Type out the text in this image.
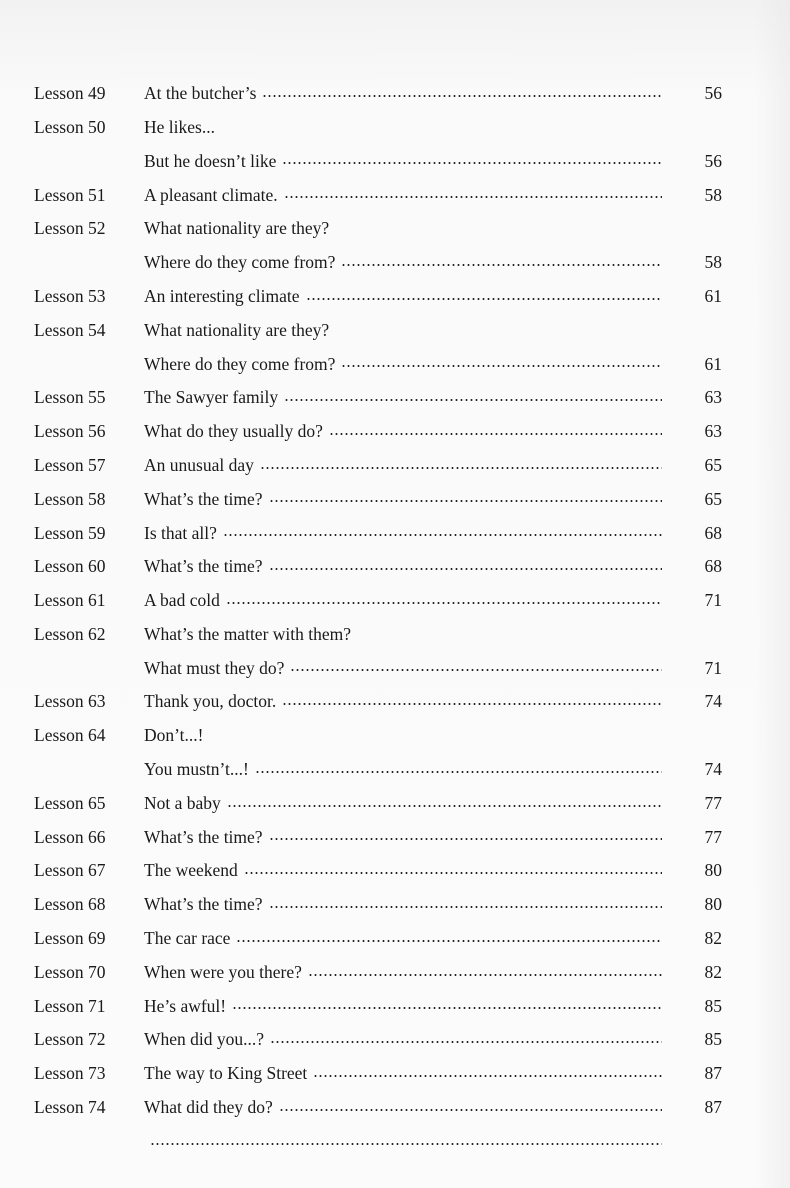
Lesson 49	At the butcher’s	56
Lesson 50	He likes...
But he doesn’t like	56
Lesson 51	A pleasant climate.	58
Lesson 52	What nationality are they?
Where do they come from?	58
Lesson 53	An interesting climate	61
Lesson 54	What nationality are they?
Where do they come from?	61
Lesson 55	The Sawyer family	63
Lesson 56	What do they usually do?	63
Lesson 57	An unusual day	65
Lesson 58	What’s the time?	65
Lesson 59	Is that all?	68
Lesson 60	What’s the time?	68
Lesson 61	A bad cold	71
Lesson 62	What’s the matter with them?
What must they do?	71
Lesson 63	Thank you, doctor.	74
Lesson 64	Don’t...!
You mustn’t...!	74
Lesson 65	Not a baby	77
Lesson 66	What’s the time?	77
Lesson 67	The weekend	80
Lesson 68	What’s the time?	80
Lesson 69	The car race	82
Lesson 70	When were you there?	82
Lesson 71	He’s awful!	85
Lesson 72	When did you...?	85
Lesson 73	The way to King Street	87
Lesson 74	What did they do?	87
